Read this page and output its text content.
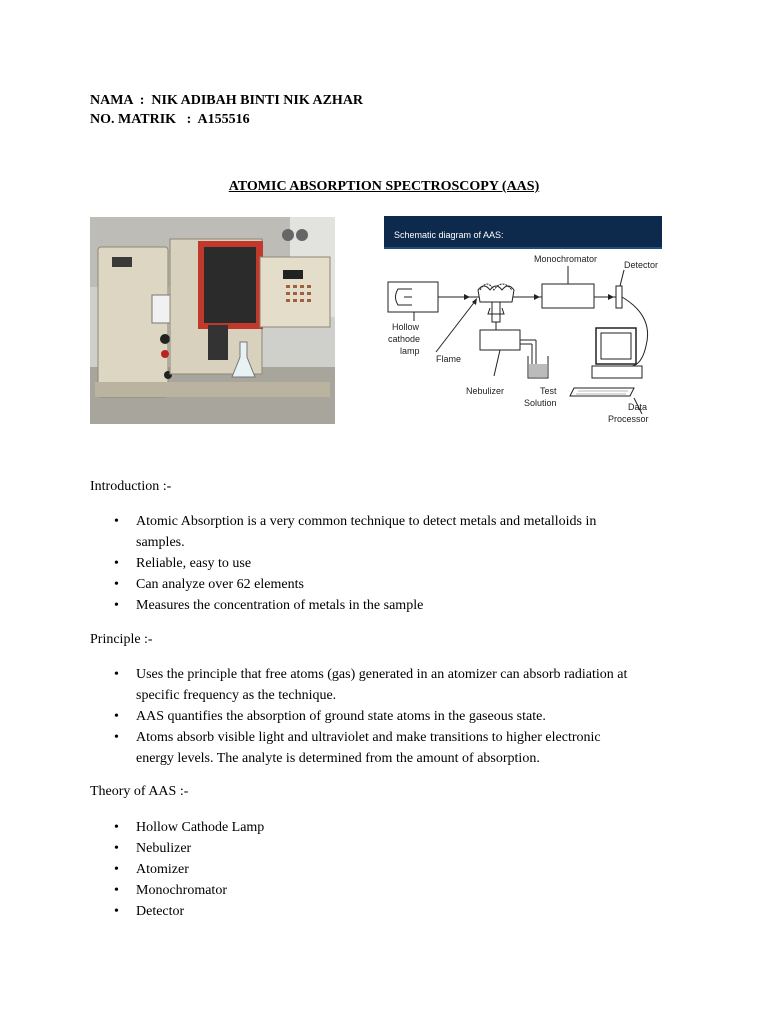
NAMA  :  NIK ADIBAH BINTI NIK AZHAR
NO. MATRIK   :  A155516
ATOMIC ABSORPTION SPECTROSCOPY (AAS)
Schematic diagram of AAS:
Monochromator
Detector
Hollow
cathode
lamp
Flame
Nebulizer	Test
Solution	Data
Processor
Introduction :-
• Atomic Absorption is a very common technique to detect metals and metalloids in
samples.
• Reliable, easy to use
• Can analyze over 62 elements
• Measures the concentration of metals in the sample
Principle :-
• Uses the principle that free atoms (gas) generated in an atomizer can absorb radiation at
specific frequency as the technique.
• AAS quantifies the absorption of ground state atoms in the gaseous state.
• Atoms absorb visible light and ultraviolet and make transitions to higher electronic
energy levels. The analyte is determined from the amount of absorption.
Theory of AAS :-
• Hollow Cathode Lamp
• Nebulizer
• Atomizer
• Monochromator
• Detector
